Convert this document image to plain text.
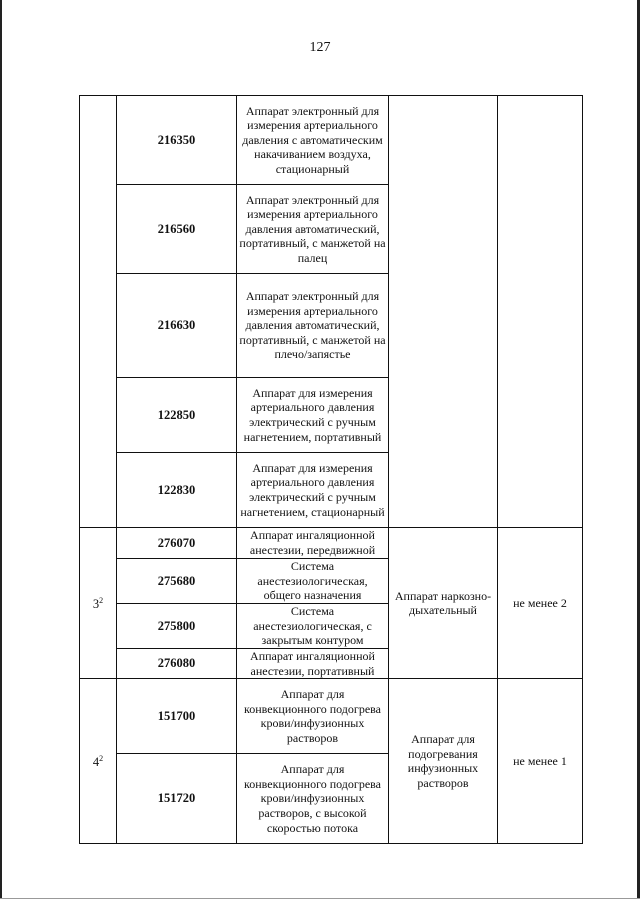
127
	216350	Аппарат электронный для измерения артериального давления с автоматическим накачиванием воздуха, стационарный		
	216560	Аппарат электронный для измерения артериального давления автоматический, портативный, с манжетой на палец		
	216630	Аппарат электронный для измерения артериального давления автоматический, портативный, с манжетой на плечо/запястье		
	122850	Аппарат для измерения артериального давления электрический с ручным нагнетением, портативный		
	122830	Аппарат для измерения артериального давления электрический с ручным нагнетением, стационарный		
$3^2$	276070	Аппарат ингаляционной анестезии, передвижной	Аппарат наркозно-дыхательный	не менее 2
	275680	Система анестезиологическая, общего назначения		
	275800	Система анестезиологическая, с закрытым контуром		
	276080	Аппарат ингаляционной анестезии, портативный		
$4^2$	151700	Аппарат для конвекционного подогрева крови/инфузионных растворов	Аппарат для подогревания инфузионных растворов	не менее 1
	151720	Аппарат для конвекционного подогрева крови/инфузионных растворов, с высокой скоростью потока		
